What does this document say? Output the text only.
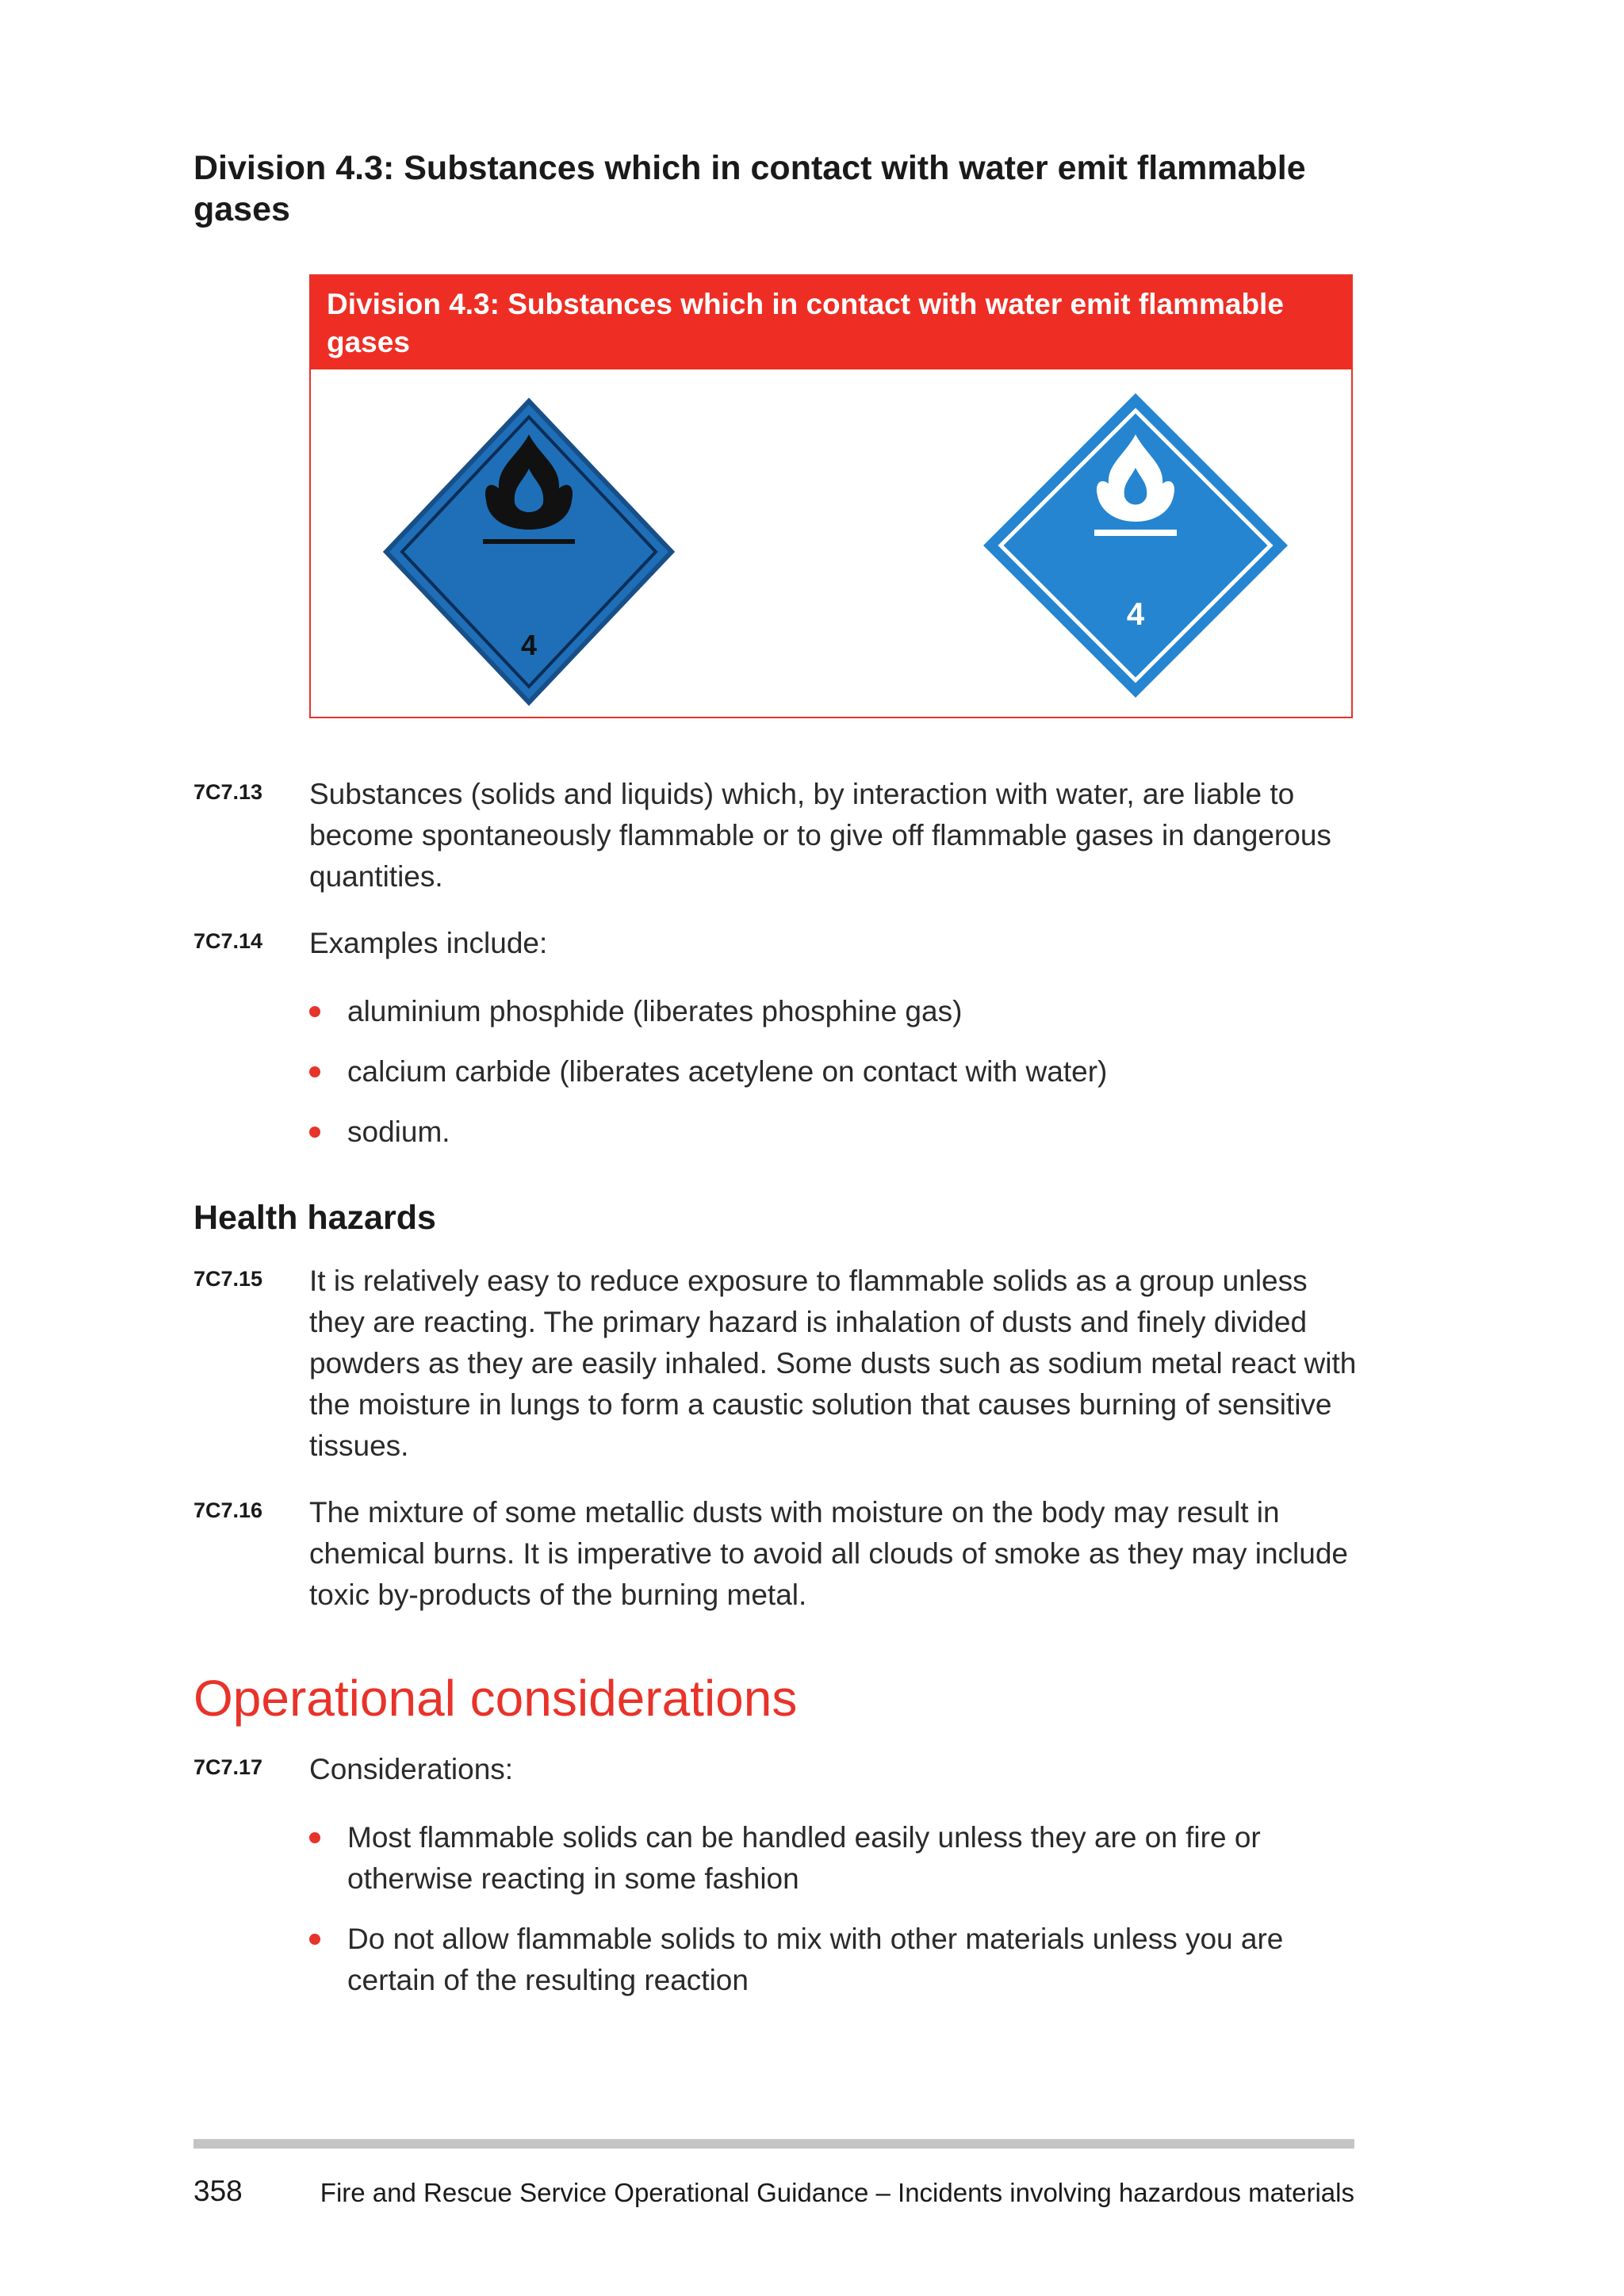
Division 4.3: Substances which in contact with water emit flammable gases
Division 4.3: Substances which in contact with water emit flammable gases
4
4
7C7.13 Substances (solids and liquids) which, by interaction with water, are liable to become spontaneously flammable or to give off flammable gases in dangerous quantities.
7C7.14 Examples include:
aluminium phosphide (liberates phosphine gas)
calcium carbide (liberates acetylene on contact with water)
sodium.
Health hazards
7C7.15 It is relatively easy to reduce exposure to flammable solids as a group unless they are reacting. The primary hazard is inhalation of dusts and finely divided powders as they are easily inhaled. Some dusts such as sodium metal react with the moisture in lungs to form a caustic solution that causes burning of sensitive tissues.
7C7.16 The mixture of some metallic dusts with moisture on the body may result in chemical burns. It is imperative to avoid all clouds of smoke as they may include toxic by-products of the burning metal.
Operational considerations
7C7.17 Considerations:
Most flammable solids can be handled easily unless they are on fire or otherwise reacting in some fashion
Do not allow flammable solids to mix with other materials unless you are certain of the resulting reaction
358	Fire and Rescue Service Operational Guidance – Incidents involving hazardous materials
